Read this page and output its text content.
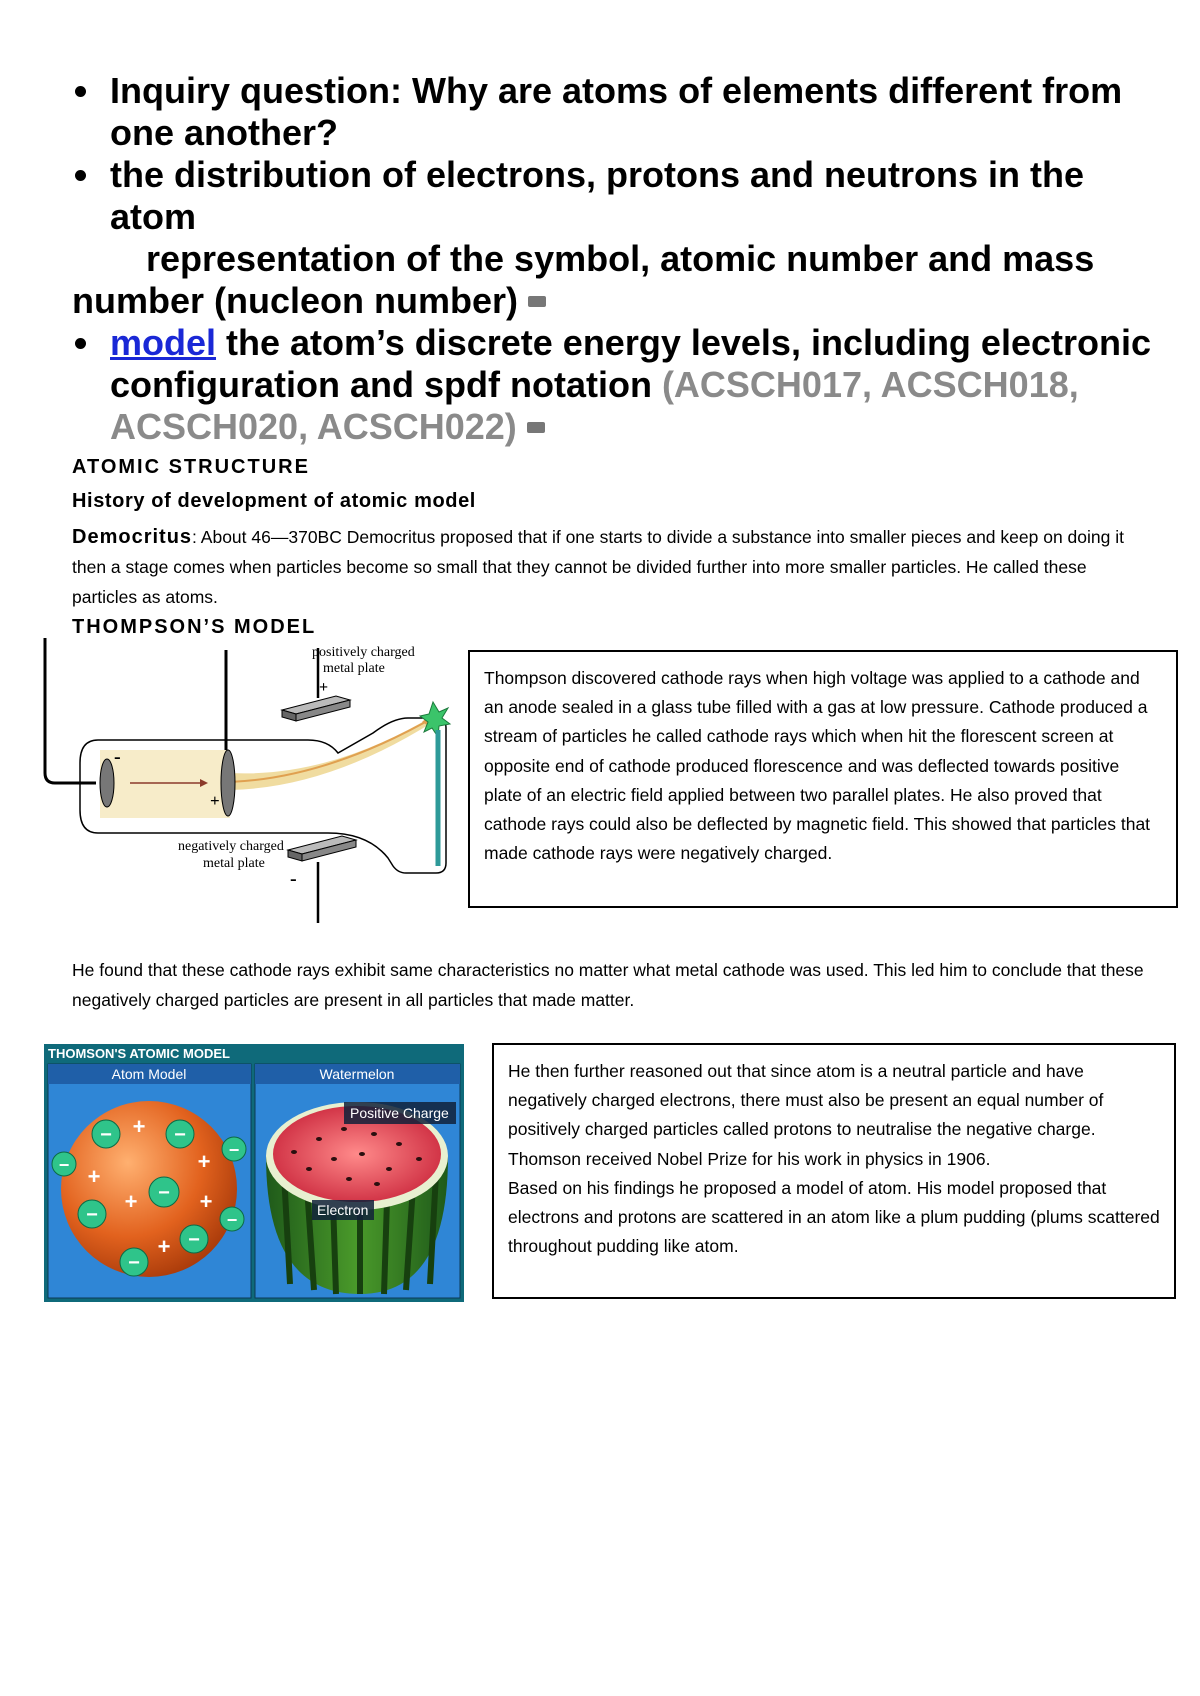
Inquiry question: Why are atoms of elements different from one another?
the distribution of electrons, protons and neutrons in the atom
representation of the symbol, atomic number and mass
number (nucleon number)
model the atom’s discrete energy levels, including electronic configuration and spdf notation (ACSCH017, ACSCH018, ACSCH020, ACSCH022)
ATOMIC STRUCTURE
History of development of atomic model
Democritus: About 46—370BC Democritus proposed that if one starts to divide a substance into smaller pieces and keep on doing it then a stage comes when particles become so small that they cannot be divided further into more smaller particles. He called these particles as atoms.
THOMPSON’S MODEL
-
+
positively charged
metal plate
+
negatively charged
metal plate
-
Thompson discovered cathode rays when high voltage was applied to a cathode and an anode sealed in a glass tube filled with a gas at low pressure. Cathode produced a stream of particles he called cathode rays which when hit the florescent screen at opposite end of cathode produced florescence and was deflected towards positive plate of an electric field applied between two parallel plates. He also proved that cathode rays could also be deflected by magnetic field. This showed that particles that made cathode rays were negatively charged.
He found that these cathode rays exhibit same characteristics no matter what metal cathode was used. This led him to conclude that these negatively charged particles are present in all particles that made matter.
THOMSON'S ATOMIC MODEL
Atom Model	Watermelon
−	−
−
−
−
−
−
−
−
+
+
+
+	+
+
Positive Charge
Electron

He then further reasoned out that since atom is a neutral particle and have negatively charged electrons, there must also be present an equal number of positively charged particles called protons to neutralise the negative charge. Thomson received Nobel Prize for his work in physics in 1906.

Based on his findings he proposed a model of atom. His model proposed that electrons and protons are scattered in an atom like a plum pudding (plums scattered throughout pudding like atom.
